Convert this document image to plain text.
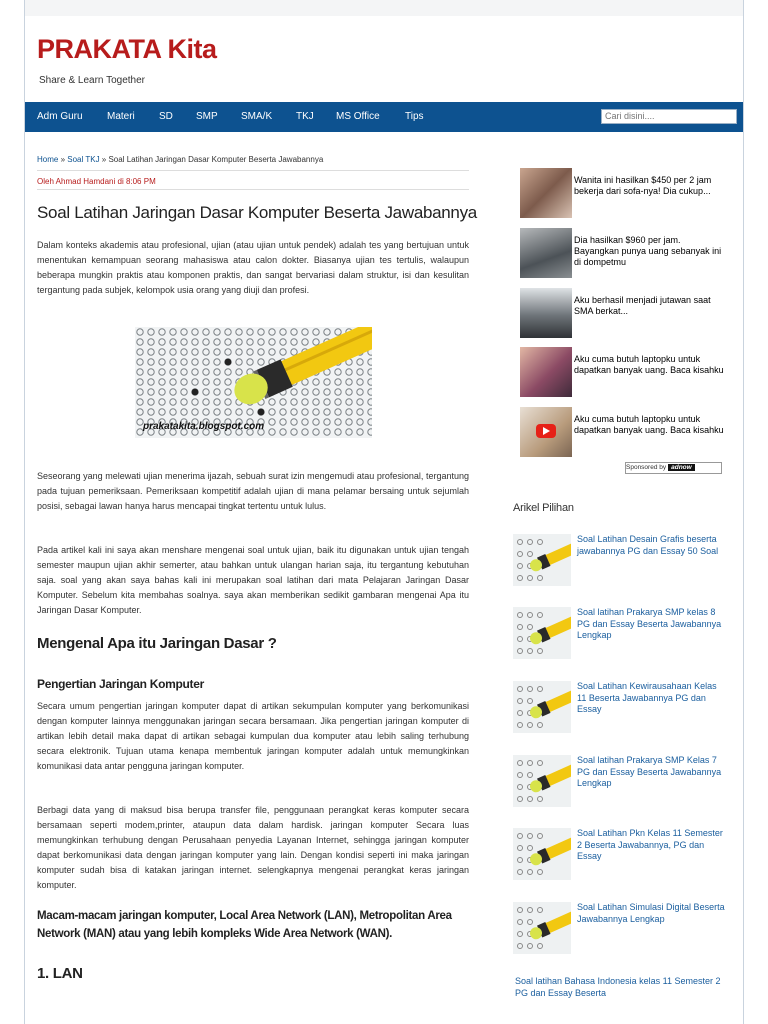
PRAKATA Kita
Share & Learn Together
Adm Guru Materi SD SMP SMA/K TKJ MS Office	Tips
Cari disini....
Home » Soal TKJ » Soal Latihan Jaringan Dasar Komputer Beserta Jawabannya
Oleh Ahmad Hamdani di 8:06 PM
Soal Latihan Jaringan Dasar Komputer Beserta Jawabannya
Dalam konteks akademis atau profesional, ujian (atau ujian untuk pendek) adalah tes yang bertujuan untuk menentukan kemampuan seorang mahasiswa atau calon dokter. Biasanya ujian tes tertulis, walaupun beberapa mungkin praktis atau komponen praktis, dan sangat bervariasi dalam struktur, isi dan kesulitan tergantung pada subjek, kelompok usia orang yang diuji dan profesi.
prakatakita.blogspot.com
Seseorang yang melewati ujian menerima ijazah, sebuah surat izin mengemudi atau profesional, tergantung pada tujuan pemeriksaan. Pemeriksaan kompetitif adalah ujian di mana pelamar bersaing untuk sejumlah posisi, sebagai lawan hanya harus mencapai tingkat tertentu untuk lulus.
Pada artikel kali ini saya akan menshare mengenai soal untuk ujian, baik itu digunakan untuk ujian tengah semester maupun ujian akhir semerter, atau bahkan untuk ulangan harian saja, itu tergantung kebutuhan saja. soal yang akan saya bahas kali ini merupakan soal latihan dari mata Pelajaran Jaringan Dasar Komputer. Sebelum kita membahas soalnya. saya akan memberikan sedikit gambaran mengenai Apa itu Jaringan Dasar Komputer.
Mengenal Apa itu Jaringan Dasar ?
Pengertian Jaringan Komputer
Secara umum pengertian jaringan komputer dapat di artikan sekumpulan komputer yang berkomunikasi dengan komputer lainnya menggunakan jaringan secara bersamaan. Jika pengertian jaringan komputer di artikan lebih detail maka dapat di artikan sebagai kumpulan dua komputer atau lebih saling terhubung secara elektronik. Tujuan utama kenapa membentuk jaringan komputer adalah untuk memungkinkan komunikasi data antar pengguna jaringan komputer.
Berbagi data yang di maksud bisa berupa transfer file, penggunaan perangkat keras komputer secara bersamaan seperti modem,printer, ataupun data dalam hardisk. jaringan komputer Secara luas memungkinkan terhubung dengan Perusahaan penyedia Layanan Internet, sehingga jaringan komputer dapat berkomunikasi data dengan jaringan komputer yang lain. Dengan kondisi seperti ini maka jaringan komputer sudah bisa di katakan jaringan internet. selengkapnya mengenai perangkat keras jaringan komputer.
Macam-macam jaringan komputer, Local Area Network (LAN), Metropolitan Area Network (MAN) atau yang lebih kompleks Wide Area Network (WAN).
1. LAN
Wanita ini hasilkan $450 per 2 jam bekerja dari sofa-nya! Dia cukup...
Dia hasilkan $960 per jam. Bayangkan punya uang sebanyak ini di dompetmu
Aku berhasil menjadi jutawan saat SMA berkat...
Aku cuma butuh laptopku untuk dapatkan banyak uang. Baca kisahku
Aku cuma butuh laptopku untuk dapatkan banyak uang. Baca kisahku
Sponsored by adnow
Arikel Pilihan
Soal Latihan Desain Grafis beserta jawabannya PG dan Essay 50 Soal
Soal latihan Prakarya SMP kelas 8 PG dan Essay Beserta Jawabannya Lengkap
Soal Latihan Kewirausahaan Kelas 11 Beserta Jawabannya PG dan Essay
Soal latihan Prakarya SMP Kelas 7 PG dan Essay Beserta Jawabannya Lengkap
Soal Latihan Pkn Kelas 11 Semester 2 Beserta Jawabannya, PG dan Essay
Soal Latihan Simulasi Digital Beserta Jawabannya Lengkap
Soal latihan Bahasa Indonesia kelas 11 Semester 2 PG dan Essay Beserta
